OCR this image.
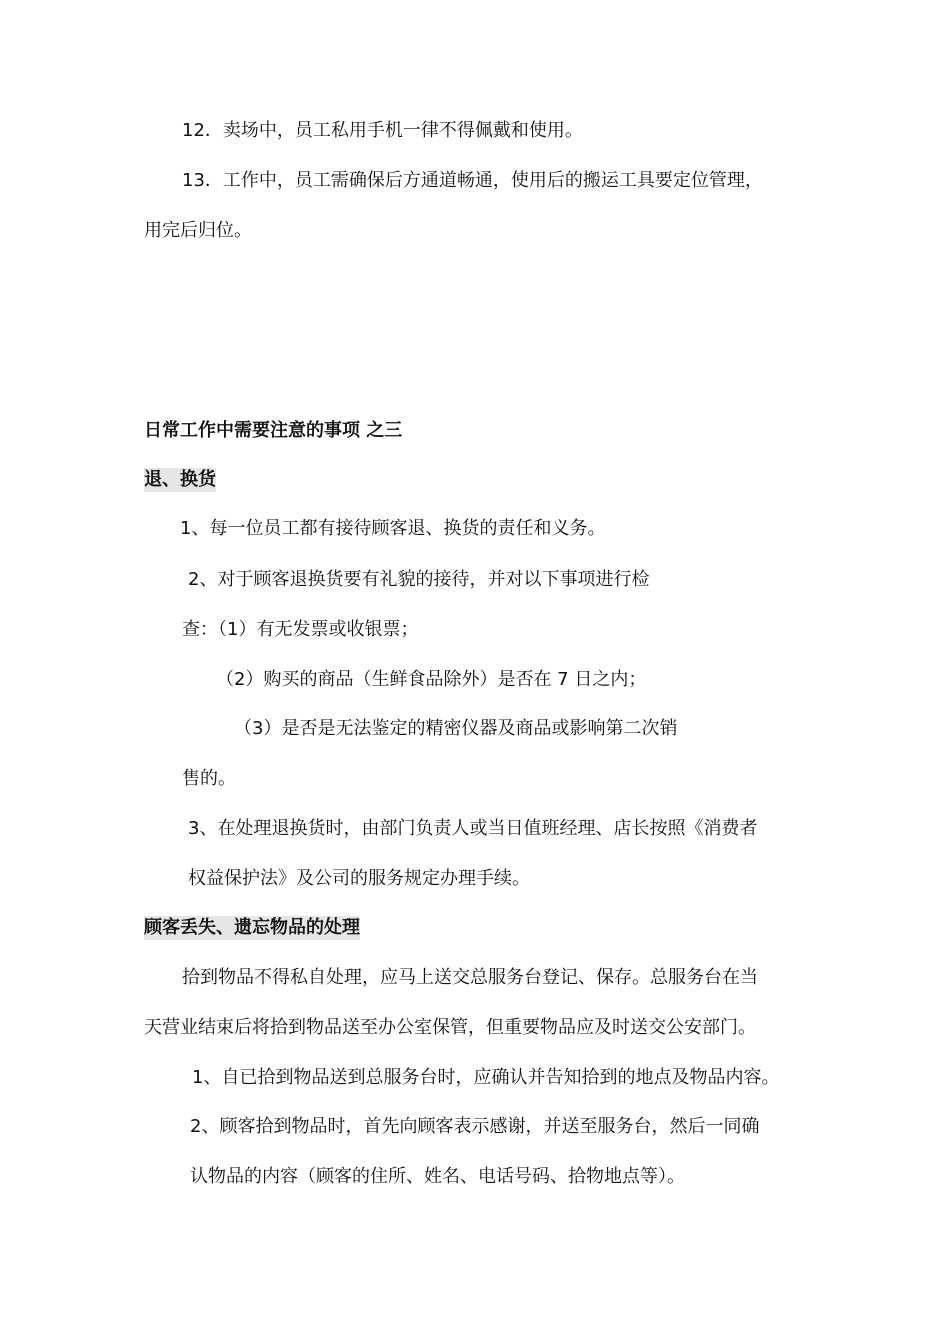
12．卖场中，员工私用手机一律不得佩戴和使用。
13．工作中，员工需确保后方通道畅通，使用后的搬运工具要定位管理，
用完后归位。
日常工作中需要注意的事项 之三
退、换货
1、每一位员工都有接待顾客退、换货的责任和义务。
2、对于顾客退换货要有礼貌的接待，并对以下事项进行检
查：（1）有无发票或收银票；
（2）购买的商品（生鲜食品除外）是否在 7 日之内；
（3）是否是无法鉴定的精密仪器及商品或影响第二次销
售的。
3、在处理退换货时，由部门负责人或当日值班经理、店长按照《消费者
权益保护法》及公司的服务规定办理手续。
顾客丢失、遗忘物品的处理
拾到物品不得私自处理，应马上送交总服务台登记、保存。总服务台在当
天营业结束后将拾到物品送至办公室保管，但重要物品应及时送交公安部门。
1、自已拾到物品送到总服务台时，应确认并告知拾到的地点及物品内容。
2、顾客拾到物品时，首先向顾客表示感谢，并送至服务台，然后一同确
认物品的内容（顾客的住所、姓名、电话号码、拾物地点等）。
